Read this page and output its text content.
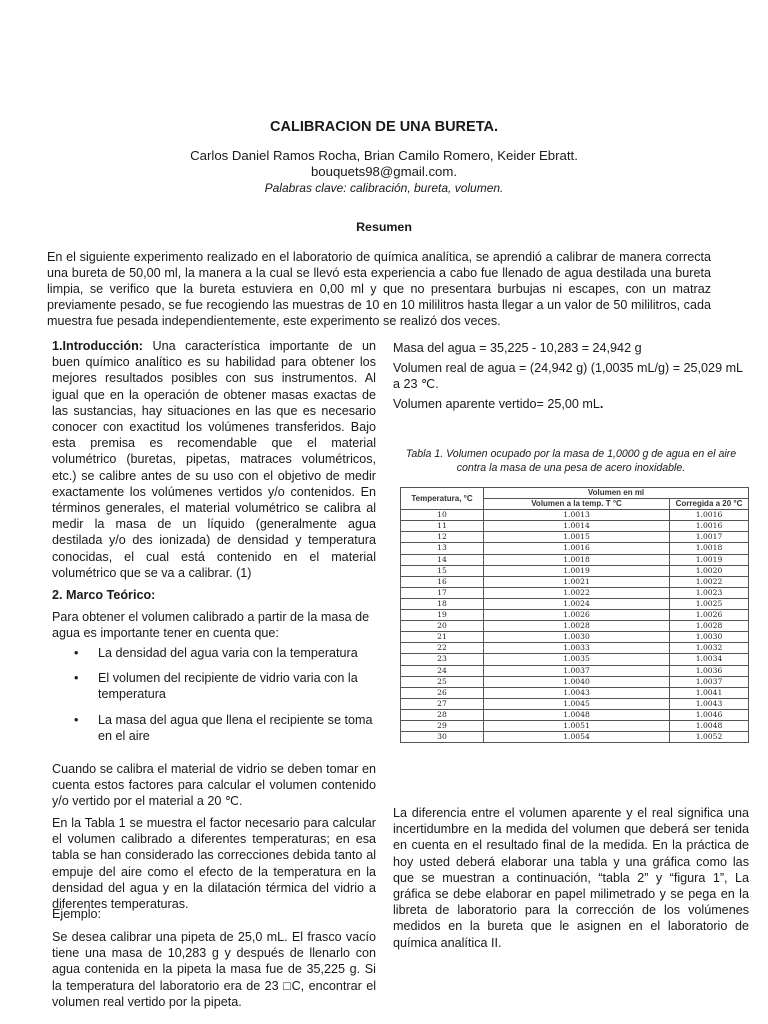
CALIBRACION DE UNA BURETA.
Carlos Daniel Ramos Rocha, Brian Camilo Romero, Keider Ebratt.
bouquets98@gmail.com.
Palabras clave: calibración, bureta, volumen.
Resumen

En el siguiente experimento realizado en el laboratorio de química analítica, se aprendió a calibrar de manera correcta una bureta de 50,00 ml, la manera a la cual se llevó esta experiencia a cabo fue llenado de agua destilada una bureta limpia, se verifico que la bureta estuviera en 0,00 ml y que no presentara burbujas ni escapes, con un matraz previamente pesado, se fue recogiendo las muestras de 10 en 10 mililitros hasta llegar a un valor de 50 mililitros, cada muestra fue pesada independientemente, este experimento se realizó dos veces.

1.Introducción: Una característica importante de un buen químico analítico es su habilidad para obtener los mejores resultados posibles con sus instrumentos. Al igual que en la operación de obtener masas exactas de las sustancias, hay situaciones en las que es necesario conocer con exactitud los volúmenes transferidos. Bajo esta premisa es recomendable que el material volumétrico (buretas, pipetas, matraces volumétricos, etc.) se calibre antes de su uso con el objetivo de medir exactamente los volúmenes vertidos y/o contenidos. En términos generales, el material volumétrico se calibra al medir la masa de un líquido (generalmente agua destilada y/o des ionizada) de densidad y temperatura conocidas, el cual está contenido en el material volumétrico que se va a calibrar. (1)

2. Marco Teórico:

Para obtener el volumen calibrado a partir de la masa de agua es importante tener en cuenta que:

• La densidad del agua varia con la temperatura
• El volumen del recipiente de vidrio varia con la temperatura
• La masa del agua que llena el recipiente se toma en el aire

Cuando se calibra el material de vidrio se deben tomar en cuenta estos factores para calcular el volumen contenido y/o vertido por el material a 20 ℃.

En la Tabla 1 se muestra el factor necesario para calcular el volumen calibrado a diferentes temperaturas; en esa tabla se han considerado las correcciones debida tanto al empuje del aire como el efecto de la temperatura en la densidad del agua y en la dilatación térmica del vidrio a diferentes temperaturas.

Ejemplo:

Se desea calibrar una pipeta de 25,0 mL. El frasco vacío tiene una masa de 10,283 g y después de llenarlo con agua contenida en la pipeta la masa fue de 35,225 g. Si la temperatura del laboratorio era de 23 □C, encontrar el volumen real vertido por la pipeta.

Masa del agua = 35,225 - 10,283 = 24,942 g

Volumen real de agua = (24,942 g) (1,0035 mL/g) = 25,029 mL a 23 ℃.

Volumen aparente vertido= 25,00 mL.

Tabla 1. Volumen ocupado por la masa de 1,0000 g de agua en el aire contra la masa de una pesa de acero inoxidable.

Temperatura, °C	Volumen en ml	
	Volumen a la temp. T °C	Corregida a 20 °C
10	1.0013	1.0016
11	1.0014	1.0016
12	1.0015	1.0017
13	1.0016	1.0018
14	1.0018	1.0019
15	1.0019	1.0020
16	1.0021	1.0022
17	1.0022	1.0023
18	1.0024	1.0025
19	1.0026	1.0026
20	1.0028	1.0028
21	1.0030	1.0030
22	1.0033	1.0032
23	1.0035	1.0034
24	1.0037	1.0036
25	1.0040	1.0037
26	1.0043	1.0041
27	1.0045	1.0043
28	1.0048	1.0046
29	1.0051	1.0048
30	1.0054	1.0052

La diferencia entre el volumen aparente y el real significa una incertidumbre en la medida del volumen que deberá ser tenida en cuenta en el resultado final de la medida. En la práctica de hoy usted deberá elaborar una tabla y una gráfica como las que se muestran a continuación, “tabla 2” y “figura 1”, La gráfica se debe elaborar en papel milimetrado y se pega en la libreta de laboratorio para la corrección de los volúmenes medidos en la bureta que le asignen en el laboratorio de química analítica II.
